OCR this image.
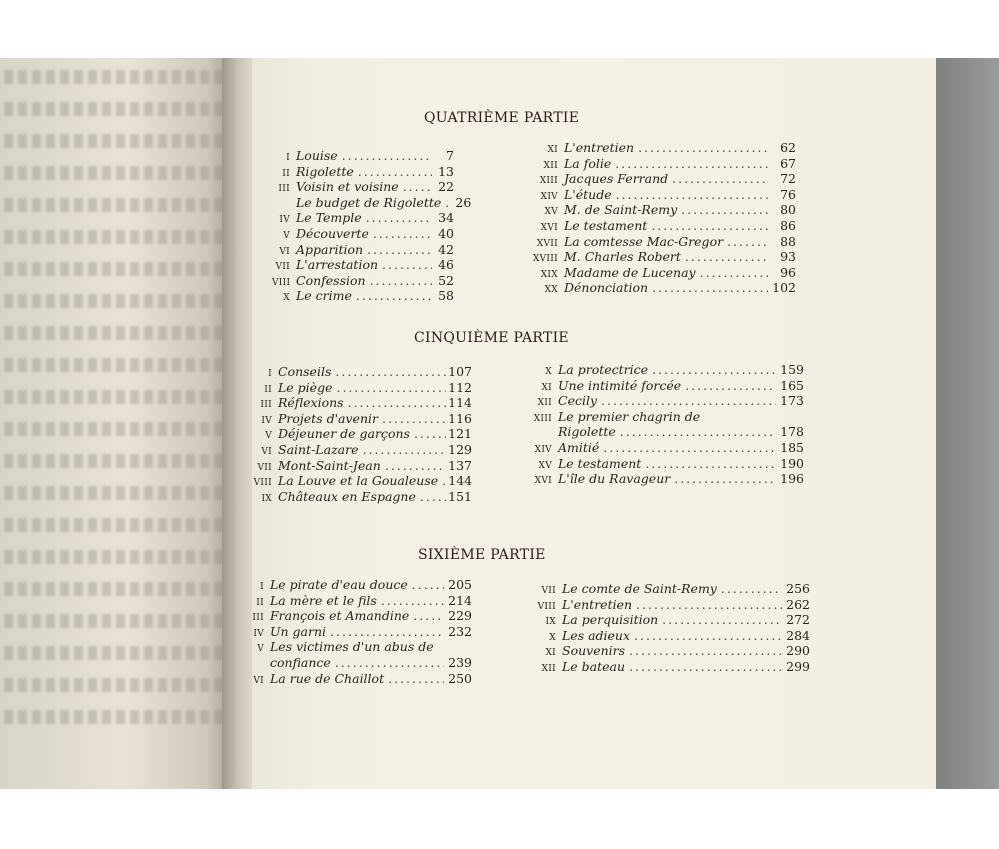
QUATRIÈME PARTIE
I Louise .....	7
II Rigolette .....	13
III Voisin et voisine .....	22
Le budget de Rigolette .....	26
IV Le Temple .....	34
V Découverte .....	40
VI Apparition .....	42
VII L'arrestation .....	46
VIII Confession .....	52
X Le crime .....	58
XI L'entretien .....	62
XII La folie .....	67
XIII Jacques Ferrand .....	72
XIV L'étude .....	76
XV M. de Saint-Remy .....	80
XVI Le testament .....	86
XVII La comtesse Mac-Gregor .....	88
XVIII M. Charles Robert .....	93
XIX Madame de Lucenay .....	96
XX Dénonciation .....	102
CINQUIÈME PARTIE
I Conseils .....	107
II Le piège .....	112
III Réflexions .....	114
IV Projets d'avenir .....	116
V Déjeuner de garçons .....	121
VI Saint-Lazare .....	129
VII Mont-Saint-Jean .....	137
VIII La Louve et la Goualeuse ..... 144
IX Châteaux en Espagne .....	151
X La protectrice .....	159
XI Une intimité forcée .....	165
XII Cecily .....	173
XIII Le premier chagrin de
Rigolette .....	178
XIV Amitié .....	185
XV Le testament .....	190
XVI L'île du Ravageur .....	196
SIXIÈME PARTIE
I Le pirate d'eau douce .....	205
II La mère et le fils .....	214
III François et Amandine .....	229
IV Un garni .....	232
V Les victimes d'un abus de
confiance .....	239
VI La rue de Chaillot .....	250
VII Le comte de Saint-Remy .....	256
VIII L'entretien .....	262
IX La perquisition .....	272
X Les adieux .....	284
XI Souvenirs .....	290
XII Le bateau .....	299
